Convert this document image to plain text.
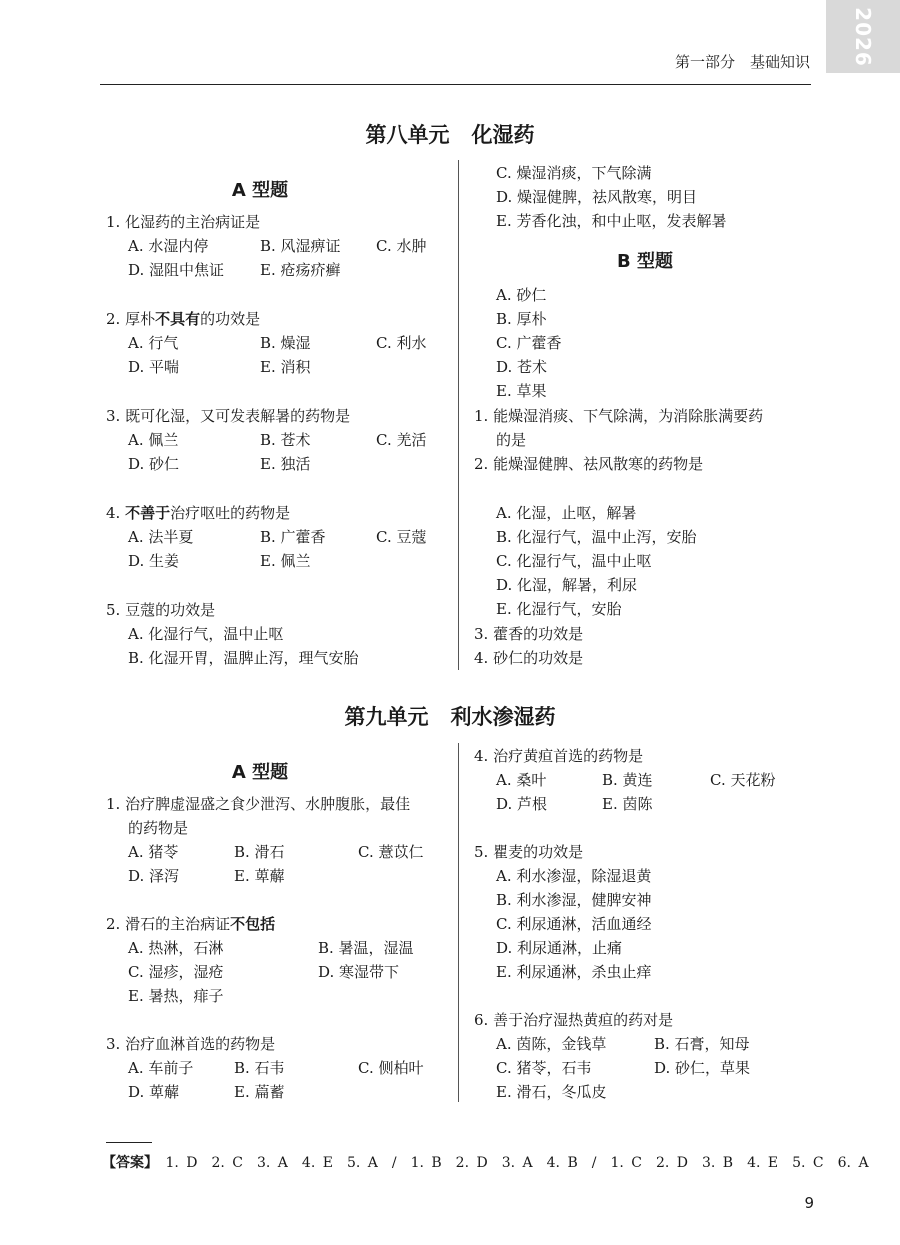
2026
第一部分　基础知识
第八单元 化湿药
A 型题
1. 化湿药的主治病证是
A. 水湿内停	B. 风湿痹证 C. 水肿
D. 湿阻中焦证 E. 疮疡疥癣
2. 厚朴不具有的功效是
A. 行气	B. 燥湿	C. 利水
D. 平喘	E. 消积
3. 既可化湿，又可发表解暑的药物是
A. 佩兰	B. 苍术	C. 羌活
D. 砂仁	E. 独活
4. 不善于治疗呕吐的药物是
A. 法半夏	B. 广藿香	C. 豆蔻
D. 生姜	E. 佩兰
5. 豆蔻的功效是
A. 化湿行气，温中止呕
B. 化湿开胃，温脾止泻，理气安胎
C. 燥湿消痰，下气除满
D. 燥湿健脾，祛风散寒，明目
E. 芳香化浊，和中止呕，发表解暑
B 型题
A. 砂仁
B. 厚朴
C. 广藿香
D. 苍术
E. 草果
1. 能燥湿消痰、下气除满，为消除胀满要药
的是
2. 能燥湿健脾、祛风散寒的药物是
A. 化湿，止呕，解暑
B. 化湿行气，温中止泻，安胎
C. 化湿行气，温中止呕
D. 化湿，解暑，利尿
E. 化湿行气，安胎
3. 藿香的功效是
4. 砂仁的功效是
第九单元 利水渗湿药
A 型题
1. 治疗脾虚湿盛之食少泄泻、水肿腹胀，最佳
的药物是
A. 猪苓	B. 滑石	C. 薏苡仁
D. 泽泻	E. 萆薢
2. 滑石的主治病证不包括
A. 热淋，石淋	B. 暑温，湿温
C. 湿疹，湿疮	D. 寒湿带下
E. 暑热，痱子
3. 治疗血淋首选的药物是
A. 车前子	B. 石韦	C. 侧柏叶
D. 萆薢	E. 萹蓄
4. 治疗黄疸首选的药物是
A. 桑叶	B. 黄连	C. 天花粉
D. 芦根	E. 茵陈
5. 瞿麦的功效是
A. 利水渗湿，除湿退黄
B. 利水渗湿，健脾安神
C. 利尿通淋，活血通经
D. 利尿通淋，止痛
E. 利尿通淋，杀虫止痒
6. 善于治疗湿热黄疸的药对是
A. 茵陈，金钱草	B. 石膏，知母
C. 猪苓，石韦	D. 砂仁，草果
E. 滑石，冬瓜皮
【答案】 1. D　2. C　3. A　4. E　5. A　/　1. B　2. D　3. A　4. B　/　1. C　2. D　3. B　4. E　5. C　6. A
9
